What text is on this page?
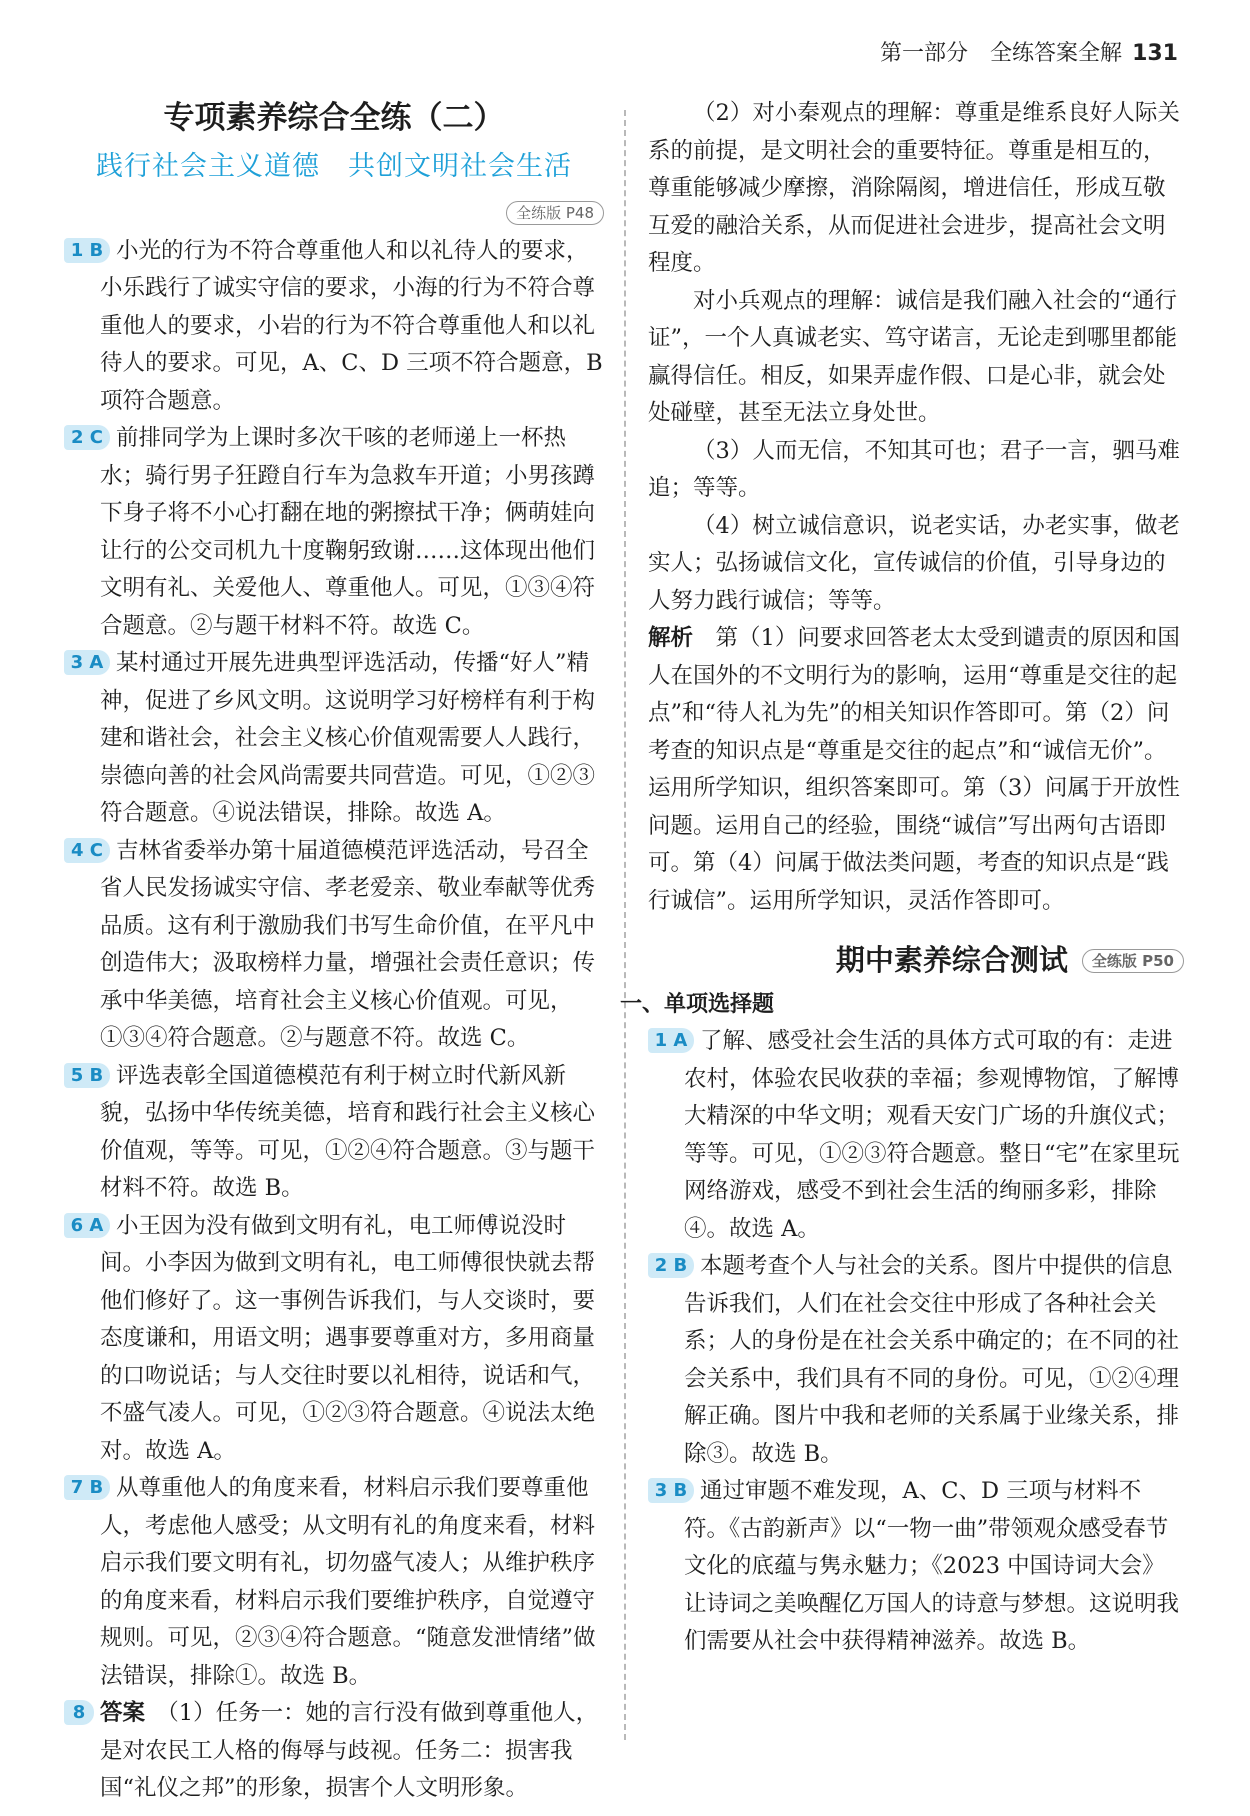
第一部分　全练答案全解 131
专项素养综合全练（二）
践行社会主义道德　共创文明社会生活
全练版 P48

1 B 小光的行为不符合尊重他人和以礼待人的要求，小乐践行了诚实守信的要求，小海的行为不符合尊重他人的要求，小岩的行为不符合尊重他人和以礼待人的要求。可见，A、C、D 三项不符合题意，B 项符合题意。

2 C 前排同学为上课时多次干咳的老师递上一杯热水；骑行男子狂蹬自行车为急救车开道；小男孩蹲下身子将不小心打翻在地的粥擦拭干净；俩萌娃向让行的公交司机九十度鞠躬致谢……这体现出他们文明有礼、关爱他人、尊重他人。可见，①③④符合题意。②与题干材料不符。故选 C。

3 A 某村通过开展先进典型评选活动，传播“好人”精神，促进了乡风文明。这说明学习好榜样有利于构建和谐社会，社会主义核心价值观需要人人践行，崇德向善的社会风尚需要共同营造。可见，①②③符合题意。④说法错误，排除。故选 A。

4 C 吉林省委举办第十届道德模范评选活动，号召全省人民发扬诚实守信、孝老爱亲、敬业奉献等优秀品质。这有利于激励我们书写生命价值，在平凡中创造伟大；汲取榜样力量，增强社会责任意识；传承中华美德，培育社会主义核心价值观。可见，①③④符合题意。②与题意不符。故选 C。

5 B 评选表彰全国道德模范有利于树立时代新风新貌，弘扬中华传统美德，培育和践行社会主义核心价值观，等等。可见，①②④符合题意。③与题干材料不符。故选 B。

6 A 小王因为没有做到文明有礼，电工师傅说没时间。小李因为做到文明有礼，电工师傅很快就去帮他们修好了。这一事例告诉我们，与人交谈时，要态度谦和，用语文明；遇事要尊重对方，多用商量的口吻说话；与人交往时要以礼相待，说话和气，不盛气凌人。可见，①②③符合题意。④说法太绝对。故选 A。

7 B 从尊重他人的角度来看，材料启示我们要尊重他人，考虑他人感受；从文明有礼的角度来看，材料启示我们要文明有礼，切勿盛气凌人；从维护秩序的角度来看，材料启示我们要维护秩序，自觉遵守规则。可见，②③④符合题意。“随意发泄情绪”做法错误，排除①。故选 B。

8 答案　 （1）任务一：她的言行没有做到尊重他人，是对农民工人格的侮辱与歧视。任务二：损害我国“礼仪之邦”的形象，损害个人文明形象。

（2）对小秦观点的理解：尊重是维系良好人际关系的前提，是文明社会的重要特征。尊重是相互的，尊重能够减少摩擦，消除隔阂，增进信任，形成互敬互爱的融洽关系，从而促进社会进步，提高社会文明程度。

对小兵观点的理解：诚信是我们融入社会的“通行证”，一个人真诚老实、笃守诺言，无论走到哪里都能赢得信任。相反，如果弄虚作假、口是心非，就会处处碰壁，甚至无法立身处世。

（3）人而无信，不知其可也；君子一言，驷马难追；等等。

（4）树立诚信意识，说老实话，办老实事，做老实人；弘扬诚信文化，宣传诚信的价值，引导身边的人努力践行诚信；等等。

解析　第（1）问要求回答老太太受到谴责的原因和国人在国外的不文明行为的影响，运用“尊重是交往的起点”和“待人礼为先”的相关知识作答即可。第（2）问考查的知识点是“尊重是交往的起点”和“诚信无价”。运用所学知识，组织答案即可。第（3）问属于开放性问题。运用自己的经验，围绕“诚信”写出两句古语即可。第（4）问属于做法类问题，考查的知识点是“践行诚信”。运用所学知识，灵活作答即可。

期中素养综合测试	全练版 P50
一、单项选择题

1 A 了解、感受社会生活的具体方式可取的有：走进农村，体验农民收获的幸福；参观博物馆，了解博大精深的中华文明；观看天安门广场的升旗仪式；等等。可见，①②③符合题意。整日“宅”在家里玩网络游戏，感受不到社会生活的绚丽多彩，排除④。故选 A。

2 B 本题考查个人与社会的关系。图片中提供的信息告诉我们，人们在社会交往中形成了各种社会关系；人的身份是在社会关系中确定的；在不同的社会关系中，我们具有不同的身份。可见，①②④理解正确。图片中我和老师的关系属于业缘关系，排除③。故选 B。

3 B 通过审题不难发现，A、C、D 三项与材料不符。《古韵新声》以“一物一曲”带领观众感受春节文化的底蕴与隽永魅力；《2023 中国诗词大会》让诗词之美唤醒亿万国人的诗意与梦想。这说明我们需要从社会中获得精神滋养。故选 B。
